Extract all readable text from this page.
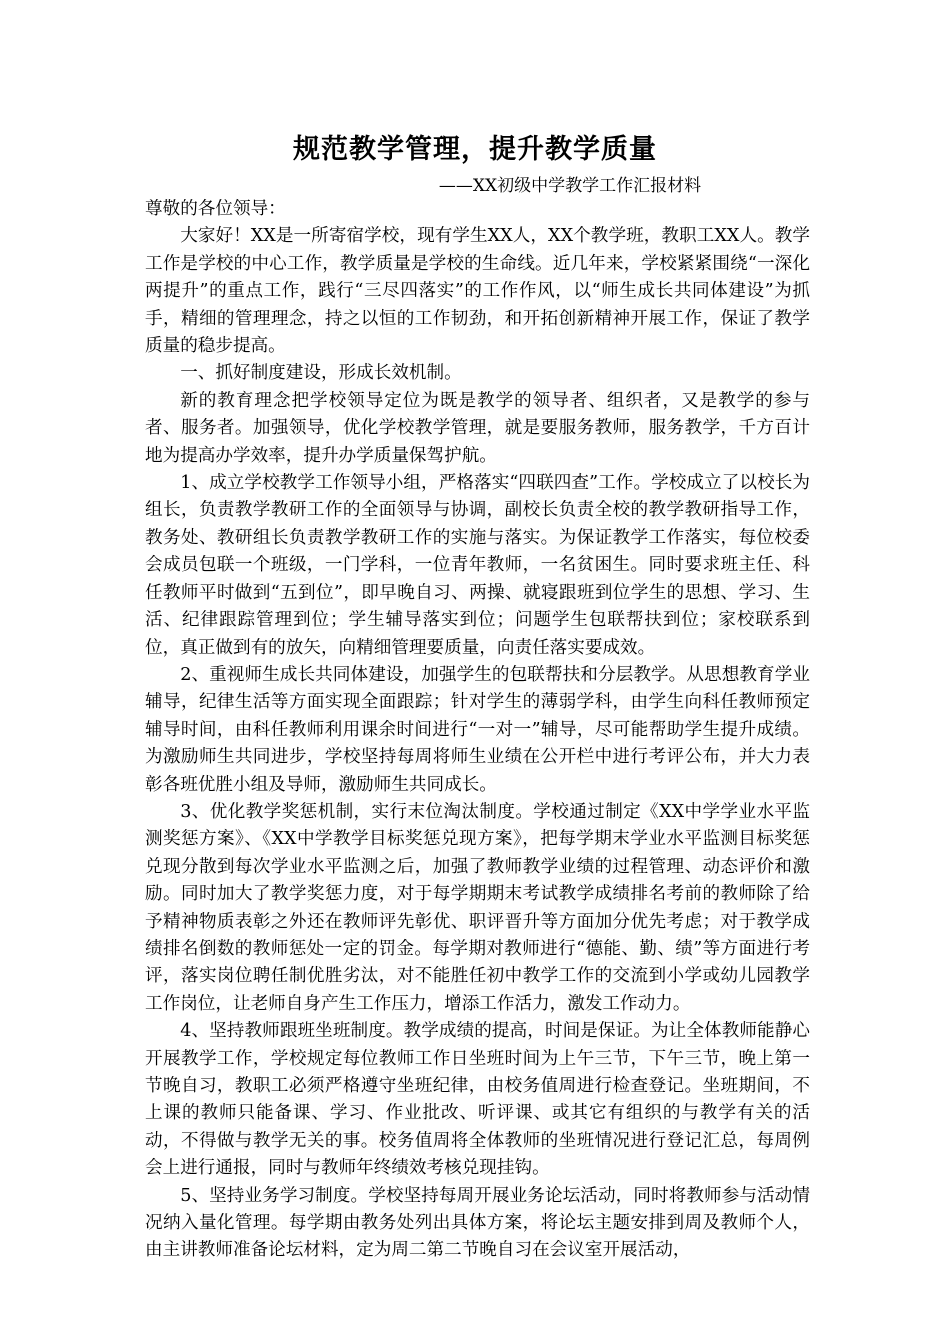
规范教学管理，提升教学质量
——XX初级中学教学工作汇报材料

尊敬的各位领导：

大家好！XX是一所寄宿学校，现有学生XX人，XX个教学班，教职工XX人。教学工作是学校的中心工作，教学质量是学校的生命线。近几年来，学校紧紧围绕“一深化两提升”的重点工作，践行“三尽四落实”的工作作风，以“师生成长共同体建设”为抓手，精细的管理理念，持之以恒的工作韧劲，和开拓创新精神开展工作，保证了教学质量的稳步提高。

一、抓好制度建设，形成长效机制。

新的教育理念把学校领导定位为既是教学的领导者、组织者，又是教学的参与者、服务者。加强领导，优化学校教学管理，就是要服务教师，服务教学，千方百计地为提高办学效率，提升办学质量保驾护航。

1、成立学校教学工作领导小组，严格落实“四联四查”工作。学校成立了以校长为组长，负责教学教研工作的全面领导与协调，副校长负责全校的教学教研指导工作，教务处、教研组长负责教学教研工作的实施与落实。为保证教学工作落实，每位校委会成员包联一个班级，一门学科，一位青年教师，一名贫困生。同时要求班主任、科任教师平时做到“五到位”，即早晚自习、两操、就寝跟班到位学生的思想、学习、生活、纪律跟踪管理到位；学生辅导落实到位；问题学生包联帮扶到位；家校联系到位，真正做到有的放矢，向精细管理要质量，向责任落实要成效。

2、重视师生成长共同体建设，加强学生的包联帮扶和分层教学。从思想教育学业辅导，纪律生活等方面实现全面跟踪；针对学生的薄弱学科，由学生向科任教师预定辅导时间，由科任教师利用课余时间进行“一对一”辅导，尽可能帮助学生提升成绩。为激励师生共同进步，学校坚持每周将师生业绩在公开栏中进行考评公布，并大力表彰各班优胜小组及导师，激励师生共同成长。

3、优化教学奖惩机制，实行末位淘汰制度。学校通过制定《XX中学学业水平监测奖惩方案》、《XX中学教学目标奖惩兑现方案》，把每学期末学业水平监测目标奖惩兑现分散到每次学业水平监测之后，加强了教师教学业绩的过程管理、动态评价和激励。同时加大了教学奖惩力度，对于每学期期末考试教学成绩排名考前的教师除了给予精神物质表彰之外还在教师评先彰优、职评晋升等方面加分优先考虑；对于教学成绩排名倒数的教师惩处一定的罚金。每学期对教师进行“德能、勤、绩”等方面进行考评，落实岗位聘任制优胜劣汰，对不能胜任初中教学工作的交流到小学或幼儿园教学工作岗位，让老师自身产生工作压力，增添工作活力，激发工作动力。

4、坚持教师跟班坐班制度。教学成绩的提高，时间是保证。为让全体教师能静心开展教学工作，学校规定每位教师工作日坐班时间为上午三节，下午三节，晚上第一节晚自习，教职工必须严格遵守坐班纪律，由校务值周进行检查登记。坐班期间，不上课的教师只能备课、学习、作业批改、听评课、或其它有组织的与教学有关的活动，不得做与教学无关的事。校务值周将全体教师的坐班情况进行登记汇总，每周例会上进行通报，同时与教师年终绩效考核兑现挂钩。

5、坚持业务学习制度。学校坚持每周开展业务论坛活动，同时将教师参与活动情况纳入量化管理。每学期由教务处列出具体方案，将论坛主题安排到周及教师个人，由主讲教师准备论坛材料，定为周二第二节晚自习在会议室开展活动，
